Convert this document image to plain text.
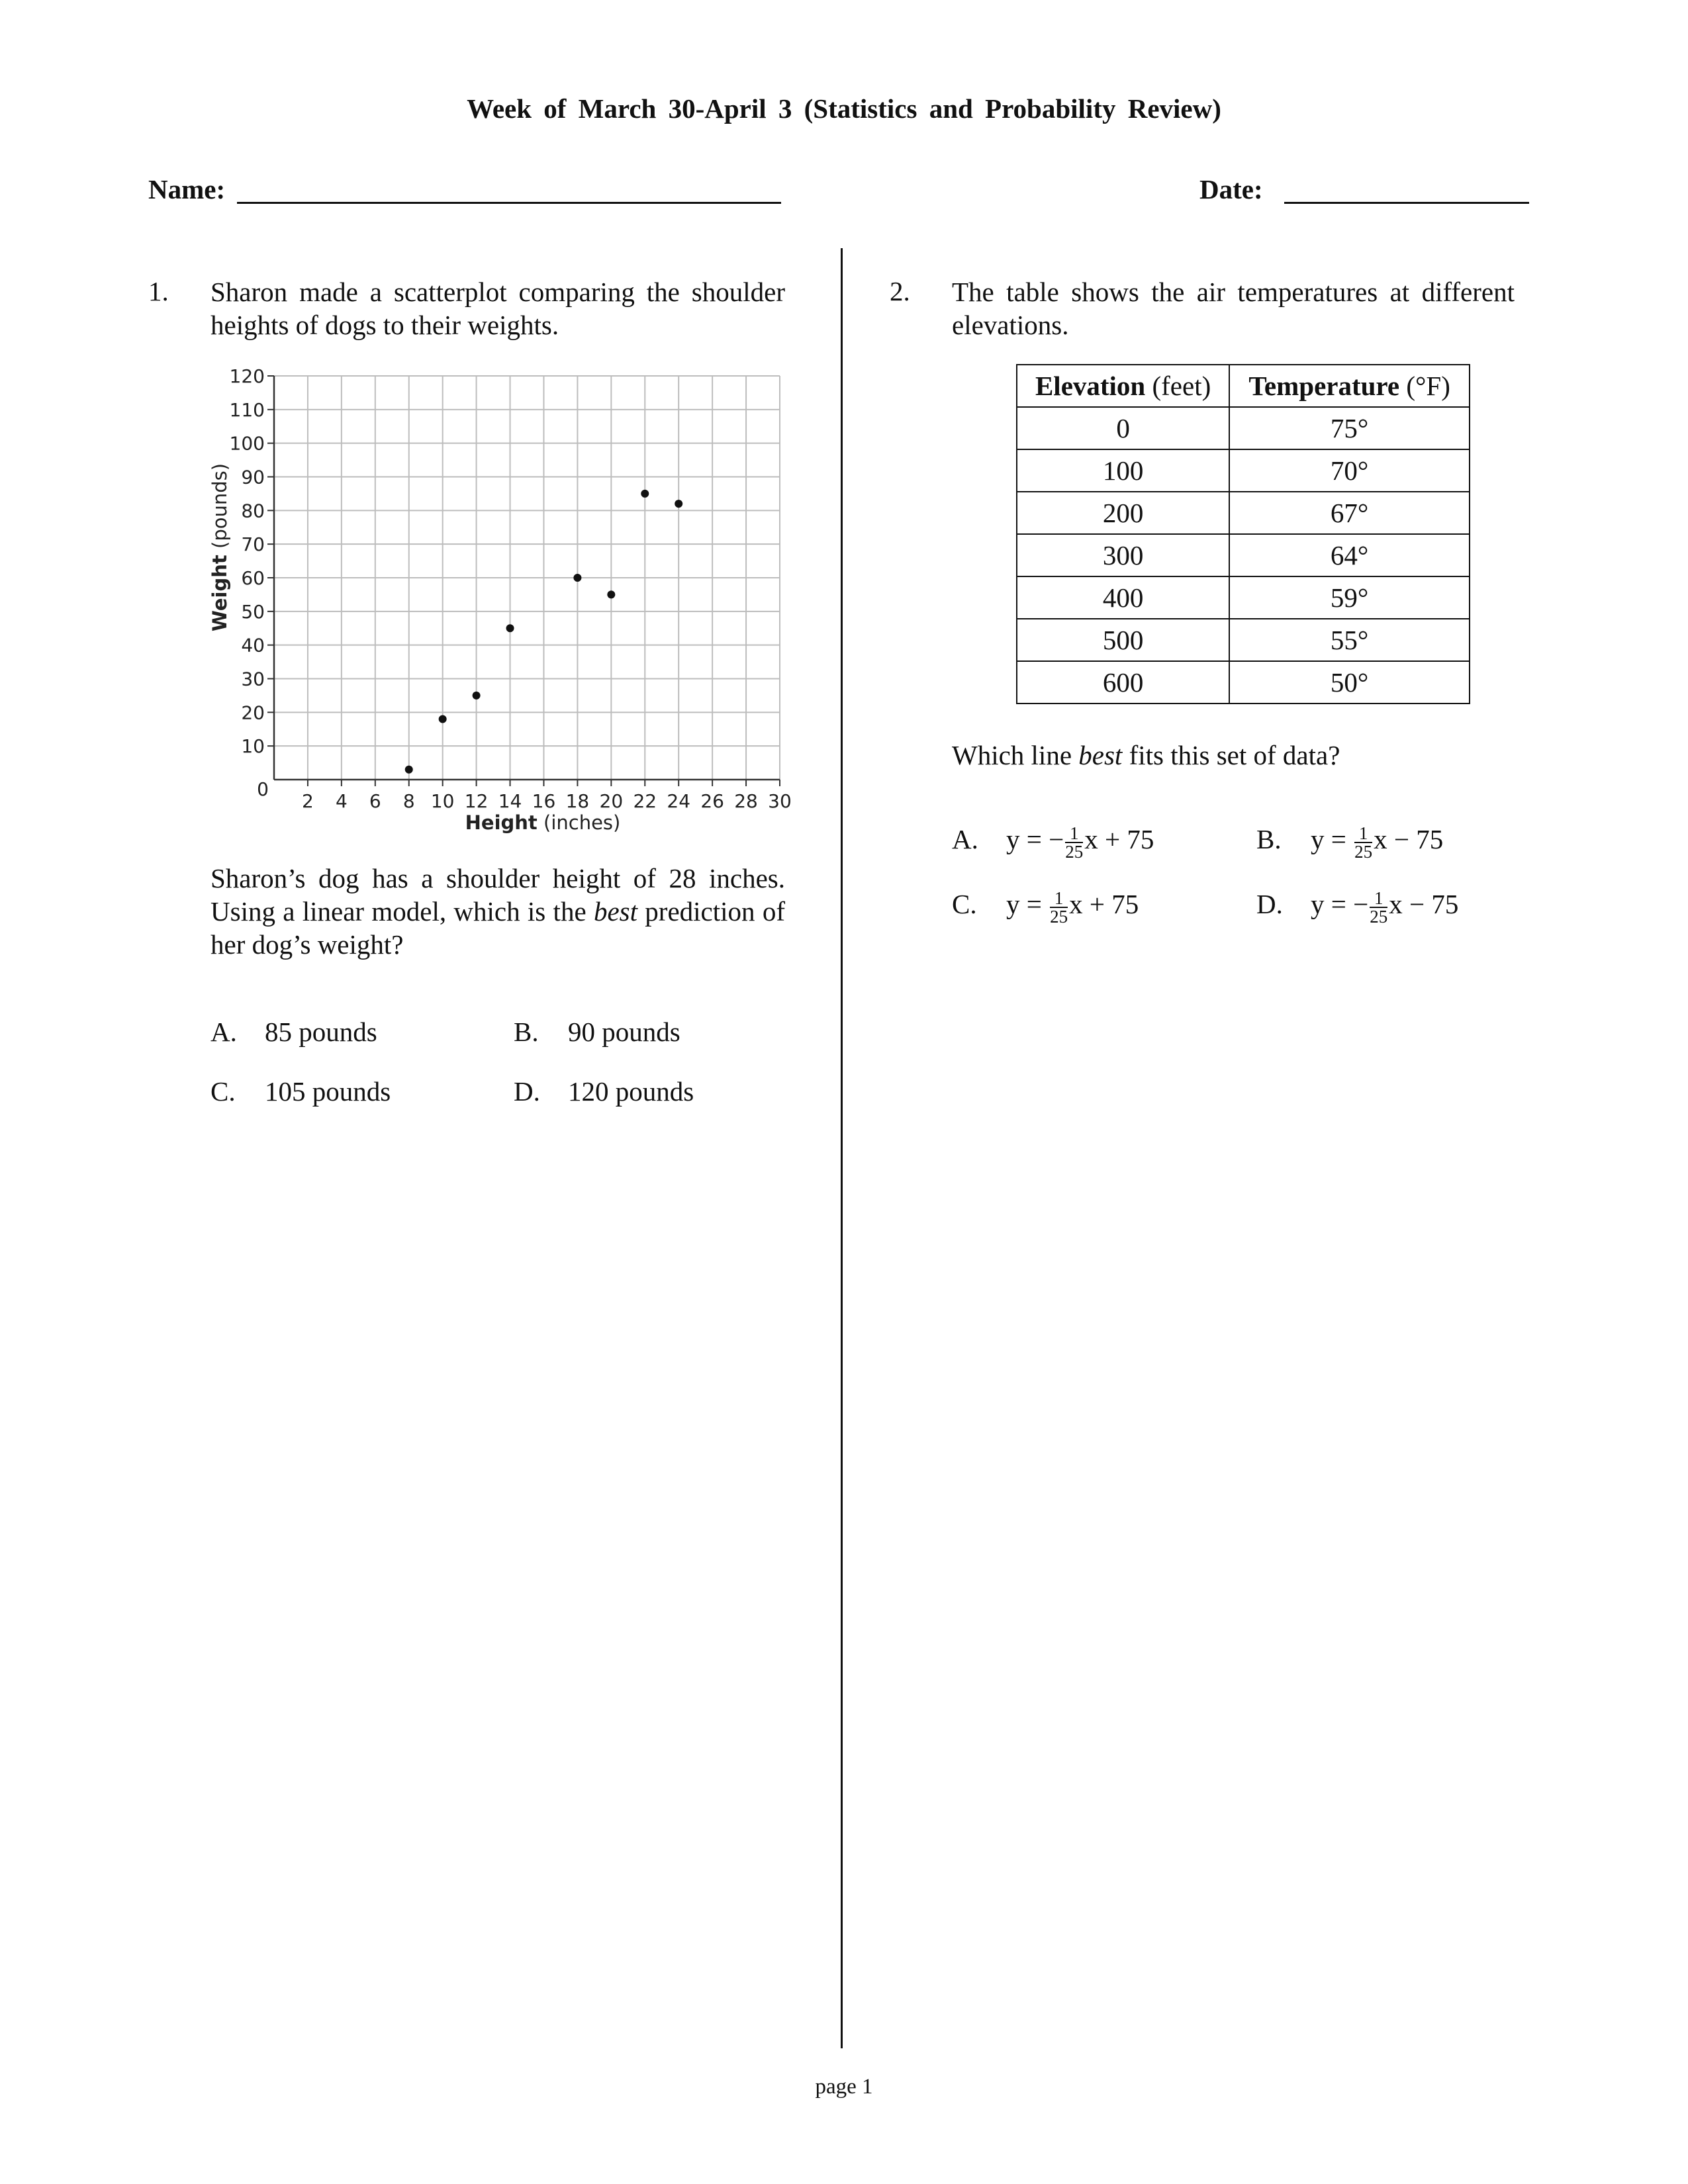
Week of March 30-April 3 (Statistics and Probability Review)
Name:	Date:
1. Sharon made a scatterplot comparing the shoulder heights of dogs to their weights.
2 4 6 8 10 12 14 16 18 20 22 24 26 28 30
10
20
30
40
50
60
70
80
90
100
110
120
0
Height (inches)
Weight (pounds)
Sharon’s dog has a shoulder height of 28 inches. Using a linear model, which is the best prediction of her dog’s weight?
A. 85 pounds	B. 90 pounds
C. 105 pounds	D. 120 pounds
2. The table shows the air temperatures at different elevations.
Elevation (feet)	Temperature (°F)
0	75°
100	70°
200	67°
300	64°
400	59°
500	55°
600	50°
Which line best fits this set of data?
A. y = − $\frac{1}{25}$ x + 75	B. $y = \frac{1}{25}$ x − 75
C. $y = \frac{1}{25}$ x + 75	D. y = − $\frac{1}{25}$ x − 75
page 1
